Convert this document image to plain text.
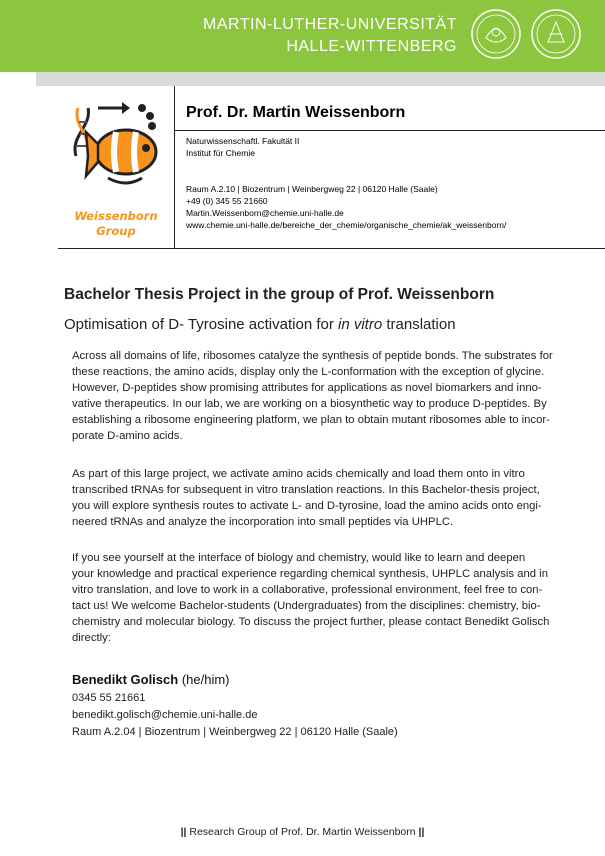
MARTIN-LUTHER-UNIVERSITÄT
HALLE-WITTENBERG
Weissenborn
Group
Prof. Dr. Martin Weissenborn
Naturwissenschaftl. Fakultät II
Institut für Chemie
Raum A.2.10 | Biozentrum | Weinbergweg 22 | 06120 Halle (Saale)
+49 (0) 345 55 21660
Martin.Weissenborn@chemie.uni-halle.de
www.chemie.uni-halle.de/bereiche_der_chemie/organische_chemie/ak_weissenborn/
Bachelor Thesis Project in the group of Prof. Weissenborn
Optimisation of D- Tyrosine activation for in vitro translation
Across all domains of life, ribosomes catalyze the synthesis of peptide bonds. The substrates for
these reactions, the amino acids, display only the L-conformation with the exception of glycine.
However, D-peptides show promising attributes for applications as novel biomarkers and inno-
vative therapeutics. In our lab, we are working on a biosynthetic way to produce D-peptides. By
establishing a ribosome engineering platform, we plan to obtain mutant ribosomes able to incor-
porate D-amino acids.
As part of this large project, we activate amino acids chemically and load them onto in vitro
transcribed tRNAs for subsequent in vitro translation reactions. In this Bachelor-thesis project,
you will explore synthesis routes to activate L- and D-tyrosine, load the amino acids onto engi-
neered tRNAs and analyze the incorporation into small peptides via UHPLC.
If you see yourself at the interface of biology and chemistry, would like to learn and deepen
your knowledge and practical experience regarding chemical synthesis, UHPLC analysis and in
vitro translation, and love to work in a collaborative, professional environment, feel free to con-
tact us! We welcome Bachelor-students (Undergraduates) from the disciplines: chemistry, bio-
chemistry and molecular biology. To discuss the project further, please contact Benedikt Golisch
directly:
Benedikt Golisch (he/him)
0345 55 21661
benedikt.golisch@chemie.uni-halle.de
Raum A.2.04 | Biozentrum | Weinbergweg 22 | 06120 Halle (Saale)
|| Research Group of Prof. Dr. Martin Weissenborn ||
